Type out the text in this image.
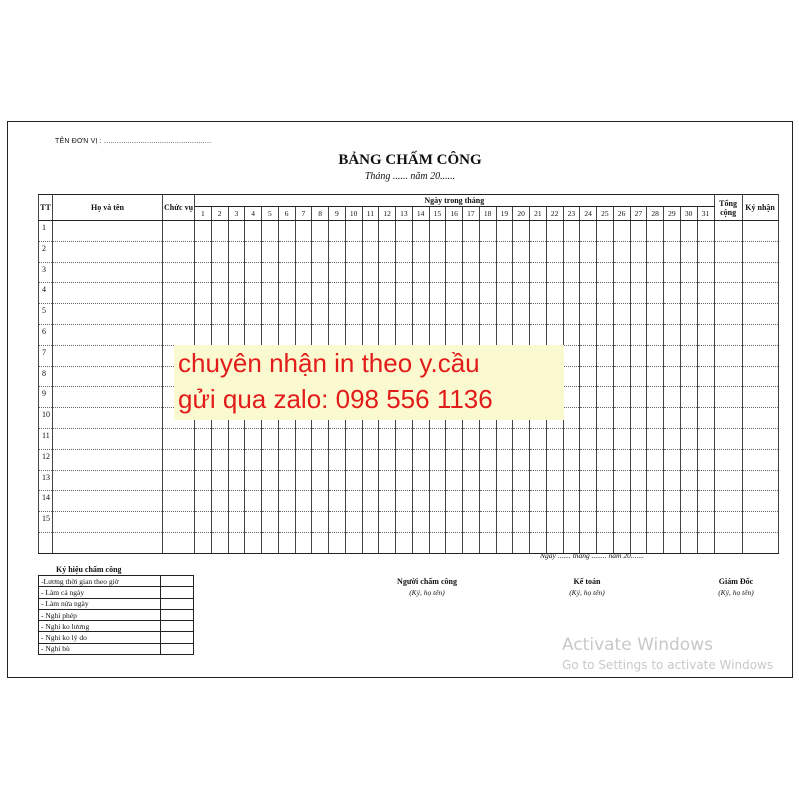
TÊN ĐƠN VỊ : ..................................................
BẢNG CHẤM CÔNG
Tháng ...... năm 20......
TT	Họ và tên	Chức vụ	Ngày trong tháng																															Tổng cộng	Ký nhận
			1	2	3	4	5	6	7	8	9	10	11	12	13	14	15	16	17	18	19	20	21	22	23	24	25	26	27	28	29	30	31		
1																																			
2																																			
3																																			
4																																			
5																																			
6																																			
7																																			
8																																			
9																																			
10																																			
11																																			
12																																			
13																																			
14																																			
15																																			

Ngày ....... tháng ........ năm 20.......
Ký hiệu chấm công
-Lương thời gian theo giờ	
- Làm cả ngày	
- Làm nửa ngày	
- Nghỉ phép	
- Nghỉ ko lương	
- Nghỉ ko lý do	
- Nghỉ bù	
Người chấm công
(Ký, họ tên)
Kế toán
(Ký, họ tên)
Giám Đốc
(Ký, họ tên)
chuyên nhận in theo y.cầu
gửi qua zalo: 098 556 1136
Activate Windows
Go to Settings to activate Windows
